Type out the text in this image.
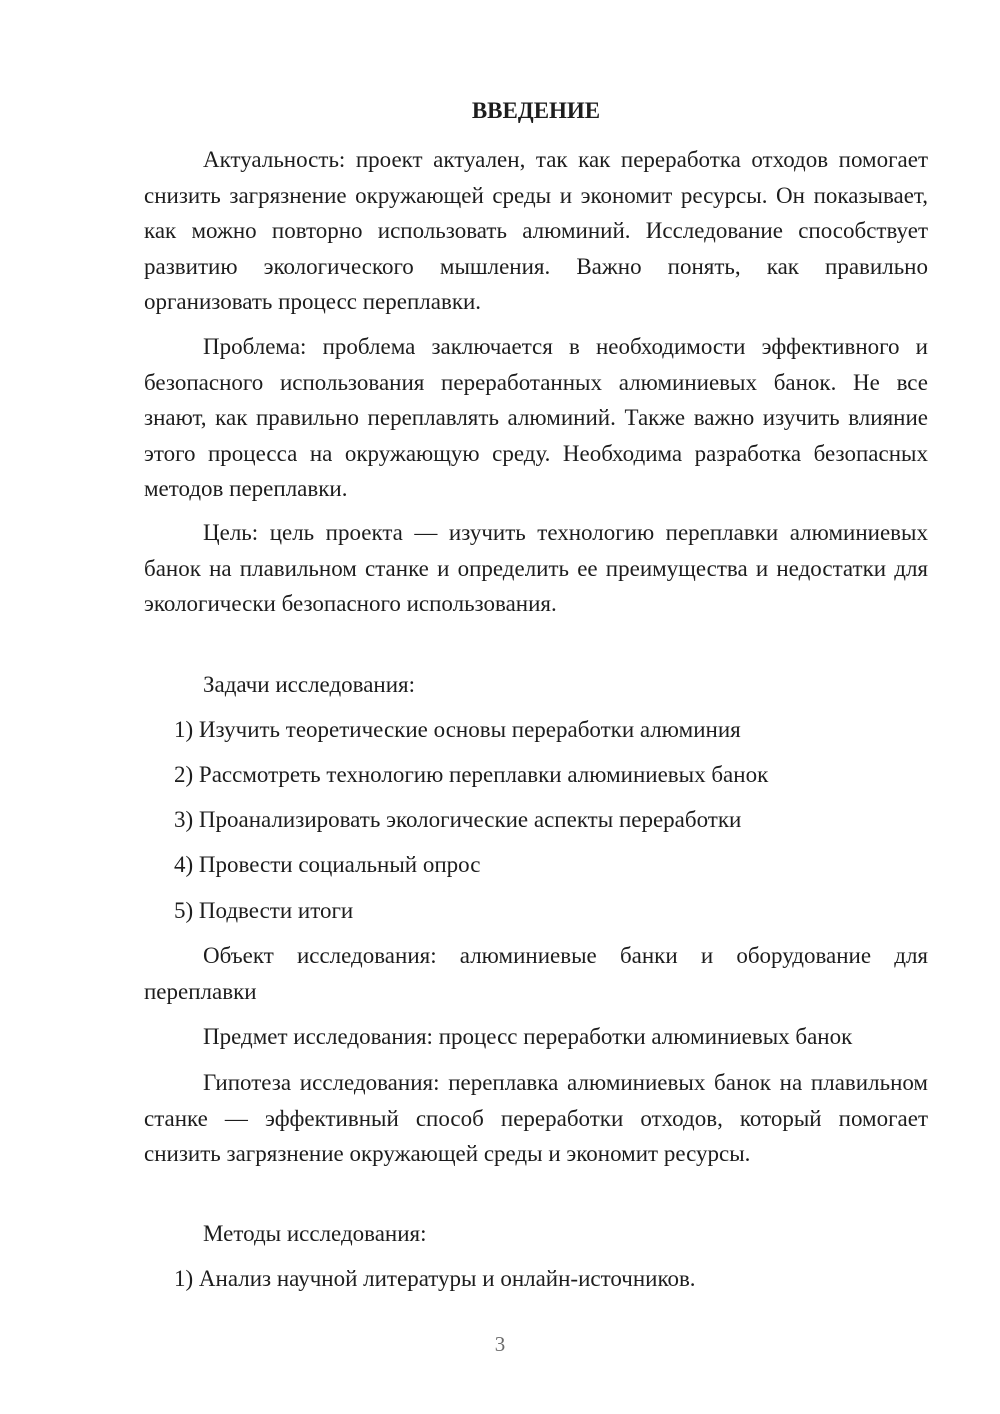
ВВЕДЕНИЕ

Актуальность: проект актуален, так как переработка отходов помогает снизить загрязнение окружающей среды и экономит ресурсы. Он показывает, как можно повторно использовать алюминий. Исследование способствует развитию экологического мышления. Важно понять, как правильно организовать процесс переплавки.

Проблема: проблема заключается в необходимости эффективного и безопасного использования переработанных алюминиевых банок. Не все знают, как правильно переплавлять алюминий. Также важно изучить влияние этого процесса на окружающую среду. Необходима разработка безопасных методов переплавки.

Цель: цель проекта — изучить технологию переплавки алюминиевых банок на плавильном станке и определить ее преимущества и недостатки для экологически безопасного использования.

Задачи исследования:

1) Изучить теоретические основы переработки алюминия

2) Рассмотреть технологию переплавки алюминиевых банок

3) Проанализировать экологические аспекты переработки

4) Провести социальный опрос

5) Подвести итоги

Объект исследования: алюминиевые банки и оборудование для переплавки

Предмет исследования: процесс переработки алюминиевых банок

Гипотеза исследования: переплавка алюминиевых банок на плавильном станке — эффективный способ переработки отходов, который помогает снизить загрязнение окружающей среды и экономит ресурсы.

Методы исследования:

1) Анализ научной литературы и онлайн-источников.

3
